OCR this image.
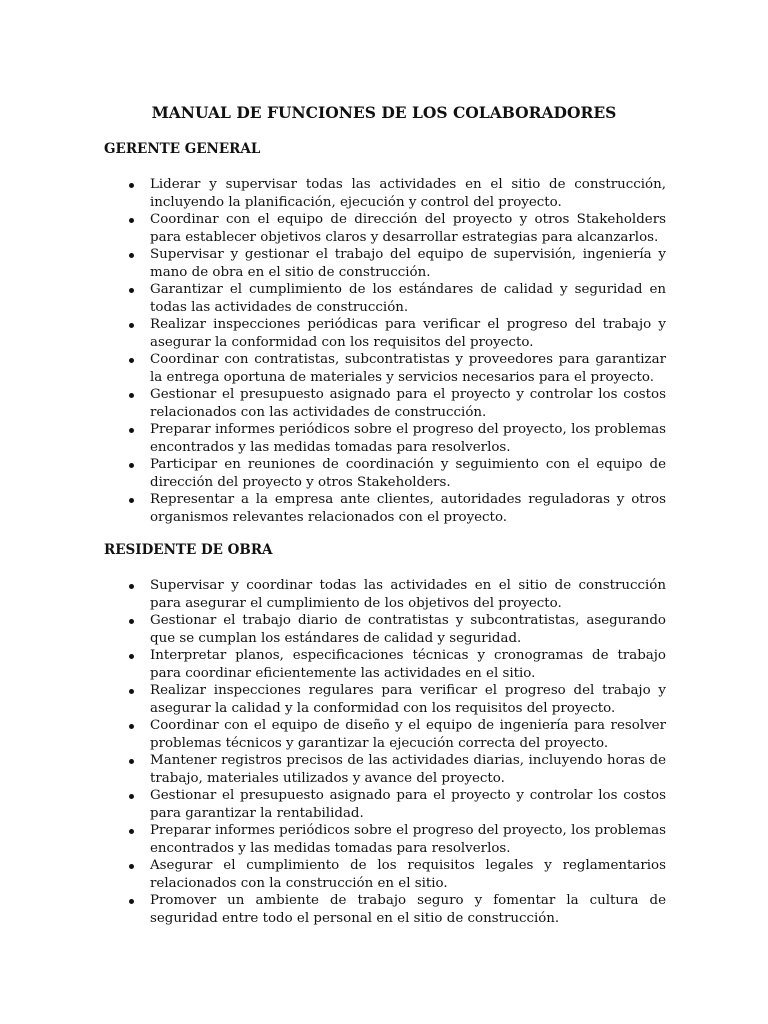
MANUAL DE FUNCIONES DE LOS COLABORADORES
GERENTE GENERAL
Liderar y supervisar todas las actividades en el sitio de construcción, incluyendo la planificación, ejecución y control del proyecto.
Coordinar con el equipo de dirección del proyecto y otros Stakeholders para establecer objetivos claros y desarrollar estrategias para alcanzarlos.
Supervisar y gestionar el trabajo del equipo de supervisión, ingeniería y mano de obra en el sitio de construcción.
Garantizar el cumplimiento de los estándares de calidad y seguridad en todas las actividades de construcción.
Realizar inspecciones periódicas para verificar el progreso del trabajo y asegurar la conformidad con los requisitos del proyecto.
Coordinar con contratistas, subcontratistas y proveedores para garantizar la entrega oportuna de materiales y servicios necesarios para el proyecto.
Gestionar el presupuesto asignado para el proyecto y controlar los costos relacionados con las actividades de construcción.
Preparar informes periódicos sobre el progreso del proyecto, los problemas encontrados y las medidas tomadas para resolverlos.
Participar en reuniones de coordinación y seguimiento con el equipo de dirección del proyecto y otros Stakeholders.
Representar a la empresa ante clientes, autoridades reguladoras y otros organismos relevantes relacionados con el proyecto.
RESIDENTE DE OBRA
Supervisar y coordinar todas las actividades en el sitio de construcción para asegurar el cumplimiento de los objetivos del proyecto.
Gestionar el trabajo diario de contratistas y subcontratistas, asegurando que se cumplan los estándares de calidad y seguridad.
Interpretar planos, especificaciones técnicas y cronogramas de trabajo para coordinar eficientemente las actividades en el sitio.
Realizar inspecciones regulares para verificar el progreso del trabajo y asegurar la calidad y la conformidad con los requisitos del proyecto.
Coordinar con el equipo de diseño y el equipo de ingeniería para resolver problemas técnicos y garantizar la ejecución correcta del proyecto.
Mantener registros precisos de las actividades diarias, incluyendo horas de trabajo, materiales utilizados y avance del proyecto.
Gestionar el presupuesto asignado para el proyecto y controlar los costos para garantizar la rentabilidad.
Preparar informes periódicos sobre el progreso del proyecto, los problemas encontrados y las medidas tomadas para resolverlos.
Asegurar el cumplimiento de los requisitos legales y reglamentarios relacionados con la construcción en el sitio.
Promover un ambiente de trabajo seguro y fomentar la cultura de seguridad entre todo el personal en el sitio de construcción.
